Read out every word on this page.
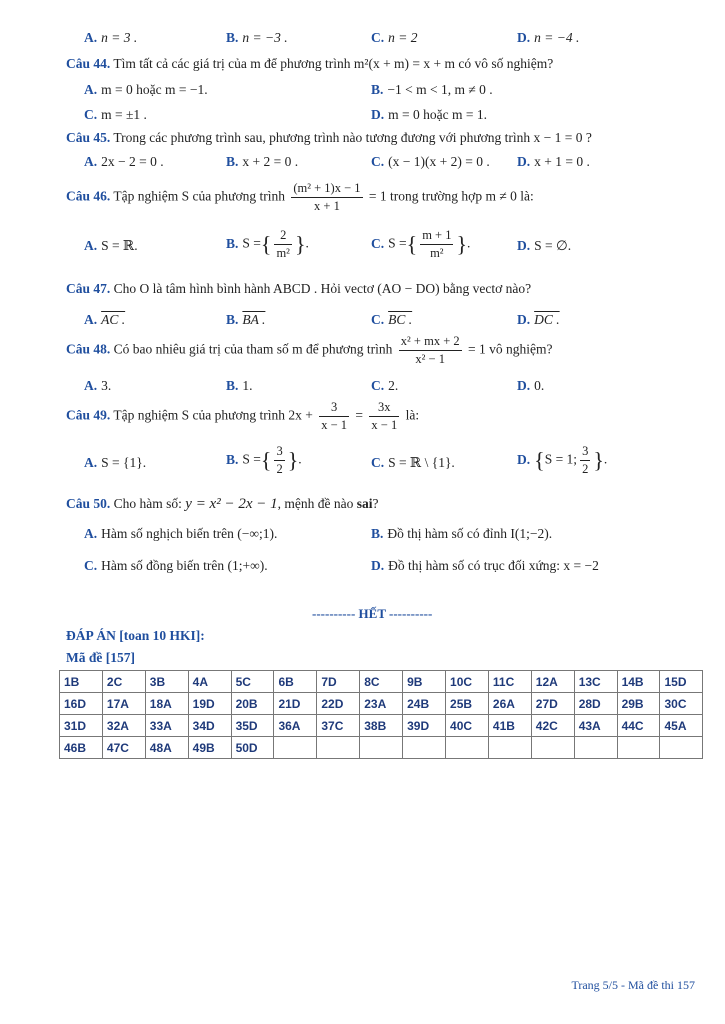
A. n = 3 .	B. n = −3 .	C. n = 2	D. n = −4 .
Câu 44. Tìm tất cả các giá trị của m để phương trình m²(x + m) = x + m có vô số nghiệm?
A. m = 0 hoặc m = −1.	B. −1 < m < 1, m ≠ 0 .
C. m = ±1 .	D. m = 0 hoặc m = 1.
Câu 45. Trong các phương trình sau, phương trình nào tương đương với phương trình x − 1 = 0 ?
A. 2x − 2 = 0 .	B. x + 2 = 0 .	C. (x − 1)(x + 2) = 0 . D. x + 1 = 0 .
Câu 46. Tập nghiệm S của phương trình $\frac{\text{(m² + 1)x − 1}}{x + 1} = 1$ trong trường hợp m ≠ 0 là:
A. S = ℝ.	B. S ={ $\frac{2}{\text{m²}}$ }.	C. S ={ $\frac{m + 1}{\text{m²}}$ }.	D. S = ∅.
Câu 47. Cho O là tâm hình bình hành ABCD . Hỏi vectơ (AO − DO) bằng vectơ nào?
A. AC .	B. BA .	C. BC .	D. DC .
Câu 48. Có bao nhiêu giá trị của tham số m để phương trình $\frac{\text{x² + mx + 2}}{\text{x² − 1}} = 1$ vô nghiệm?
A. 3.	B. 1.	C. 2.	D. 0.
Câu 49. Tập nghiệm S của phương trình $2x + \frac{3}{x - 1} = \frac{3x}{x - 1}$ là:
A. S = {1}.	B. S ={ $\frac{3}{2}$ }.	C. S = ℝ \ {1}.	D. {S = 1; $\frac{3}{2}$ }.
Câu 50. Cho hàm số: y = x² − 2x − 1, mệnh đề nào sai?
A. Hàm số nghịch biến trên (−∞;1).	B. Đồ thị hàm số có đỉnh I(1;−2).
C. Hàm số đồng biến trên (1;+∞).	D. Đồ thị hàm số có trục đối xứng: x = −2
---------- HẾT ----------
ĐÁP ÁN [toan 10 HKI]:
Mã đề [157]
1B	2C	3B	4A	5C	6B	7D	8C	9B	10C	11C	12A	13C	14B	15D
16D	17A	18A	19D	20B	21D	22D	23A	24B	25B	26A	27D	28D	29B	30C
31D	32A	33A	34D	35D	36A	37C	38B	39D	40C	41B	42C	43A	44C	45A
46B	47C	48A	49B	50D										
Trang 5/5 - Mã đề thi 157
